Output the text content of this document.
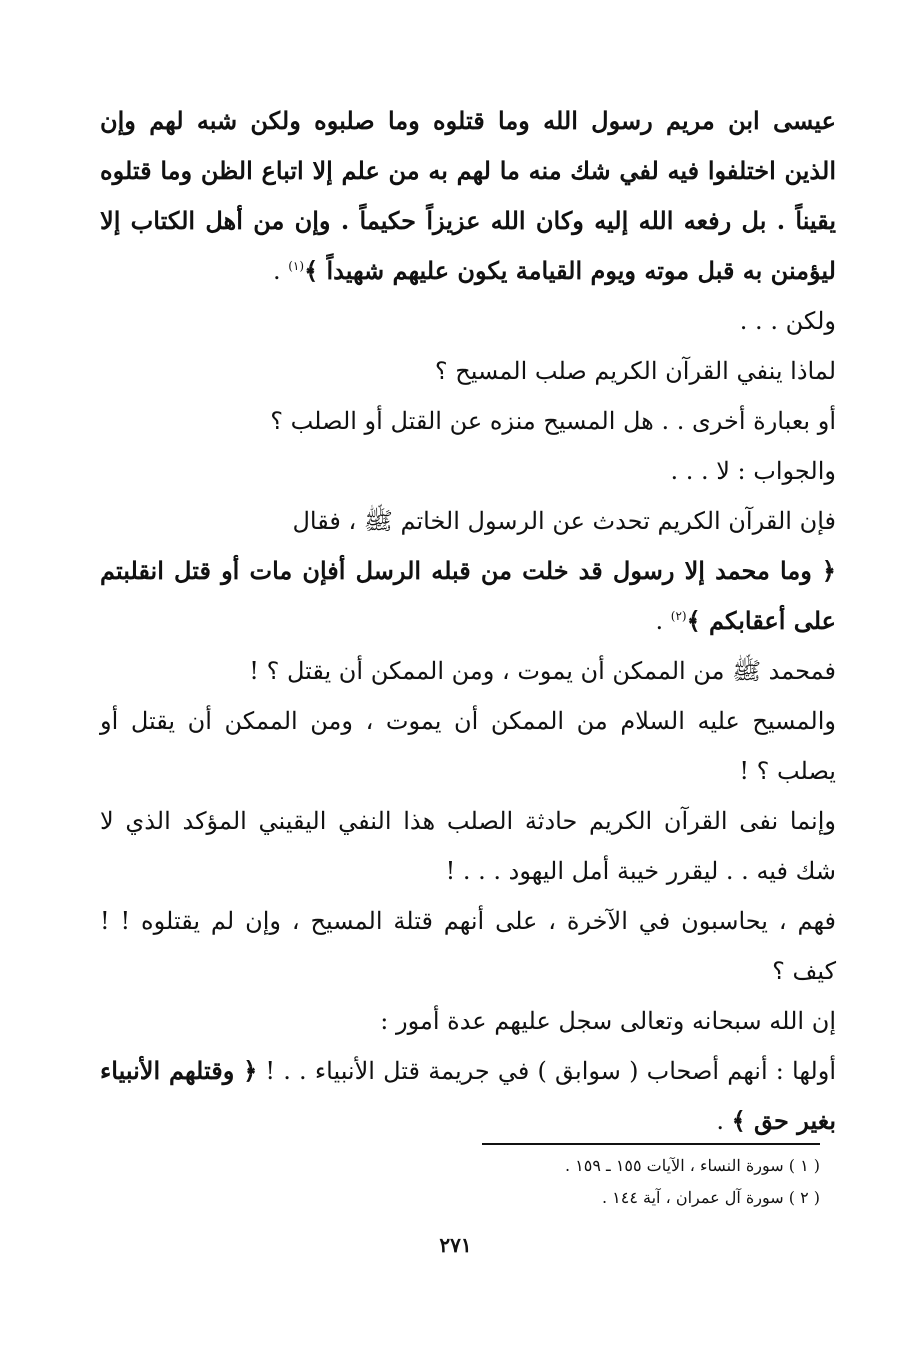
عيسى ابن مريم رسول الله وما قتلوه وما صلبوه ولكن شبه لهم وإن الذين اختلفوا فيه لفي شك منه ما لهم به من علم إلا اتباع الظن وما قتلوه يقيناً . بل رفعه الله إليه وكان الله عزيزاً حكيماً . وإن من أهل الكتاب إلا ليؤمنن به قبل موته ويوم القيامة يكون عليهم شهيداً ﴾$^{(١)}$ .

ولكن . . .

لماذا ينفي القرآن الكريم صلب المسيح ؟

أو بعبارة أخرى . . هل المسيح منزه عن القتل أو الصلب ؟

والجواب : لا . . .

فإن القرآن الكريم تحدث عن الرسول الخاتم ﷺ ، فقال

﴿ وما محمد إلا رسول قد خلت من قبله الرسل أفإن مات أو قتل انقلبتم على أعقابكم ﴾$^{(٢)}$ .

فمحمد ﷺ من الممكن أن يموت ، ومن الممكن أن يقتل ؟ !

والمسيح عليه السلام من الممكن أن يموت ، ومن الممكن أن يقتل أو يصلب ؟ !

وإنما نفى القرآن الكريم حادثة الصلب هذا النفي اليقيني المؤكد الذي لا شك فيه . . ليقرر خيبة أمل اليهود . . . !

فهم ، يحاسبون في الآخرة ، على أنهم قتلة المسيح ، وإن لم يقتلوه ! ! كيف ؟

إن الله سبحانه وتعالى سجل عليهم عدة أمور :

أولها : أنهم أصحاب ( سوابق ) في جريمة قتل الأنبياء . . ! ﴿ وقتلهم الأنبياء بغير حق ﴾ .

( ١ ) سورة النساء ، الآيات ١٥٥ ـ ١٥٩ .

( ٢ ) سورة آل عمران ، آية ١٤٤ .

٢٧١
